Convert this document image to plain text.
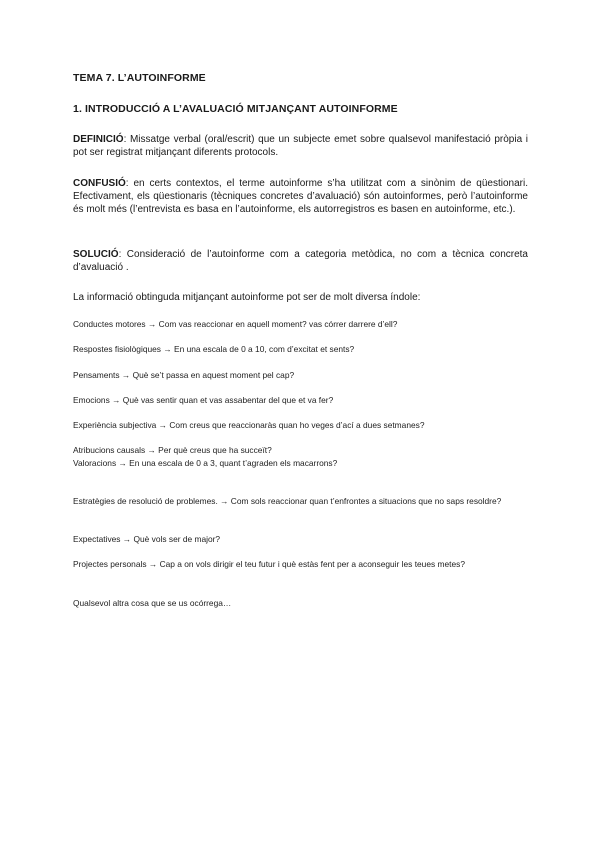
TEMA 7. L’AUTOINFORME
1. INTRODUCCIÓ A L’AVALUACIÓ MITJANÇANT AUTOINFORME
DEFINICIÓ: Missatge verbal (oral/escrit) que un subjecte emet sobre qualsevol manifestació pròpia i pot ser registrat mitjançant diferents protocols.
CONFUSIÓ: en certs contextos, el terme autoinforme s’ha utilitzat com a sinònim de qüestionari. Efectivament, els qüestionaris (tècniques concretes d’avaluació) són autoinformes, però l’autoinforme és molt més (l’entrevista es basa en l’autoinforme, els autorregistros es basen en autoinforme, etc.).
SOLUCIÓ: Consideració de l’autoinforme com a categoria metòdica, no com a tècnica concreta d’avaluació .
La informació obtinguda mitjançant autoinforme pot ser de molt diversa índole:
Conductes motores → Com vas reaccionar en aquell moment? vas córrer darrere d’ell?
Respostes fisiològiques → En una escala de 0 a 10, com d’excitat et sents?
Pensaments → Què se’t passa en aquest moment pel cap?
Emocions → Què vas sentir quan et vas assabentar del que et va fer?
Experiència subjectiva → Com creus que reaccionaràs quan ho veges d’ací a dues setmanes?
Atribucions causals → Per què creus que ha succeït?
Valoracions → En una escala de 0 a 3, quant t’agraden els macarrons?
Estratègies de resolució de problemes. → Com sols reaccionar quan t’enfrontes a situacions que no saps resoldre?
Expectatives → Què vols ser de major?
Projectes personals → Cap a on vols dirigir el teu futur i què estàs fent per a aconseguir les teues metes?
Qualsevol altra cosa que se us ocórrega…
